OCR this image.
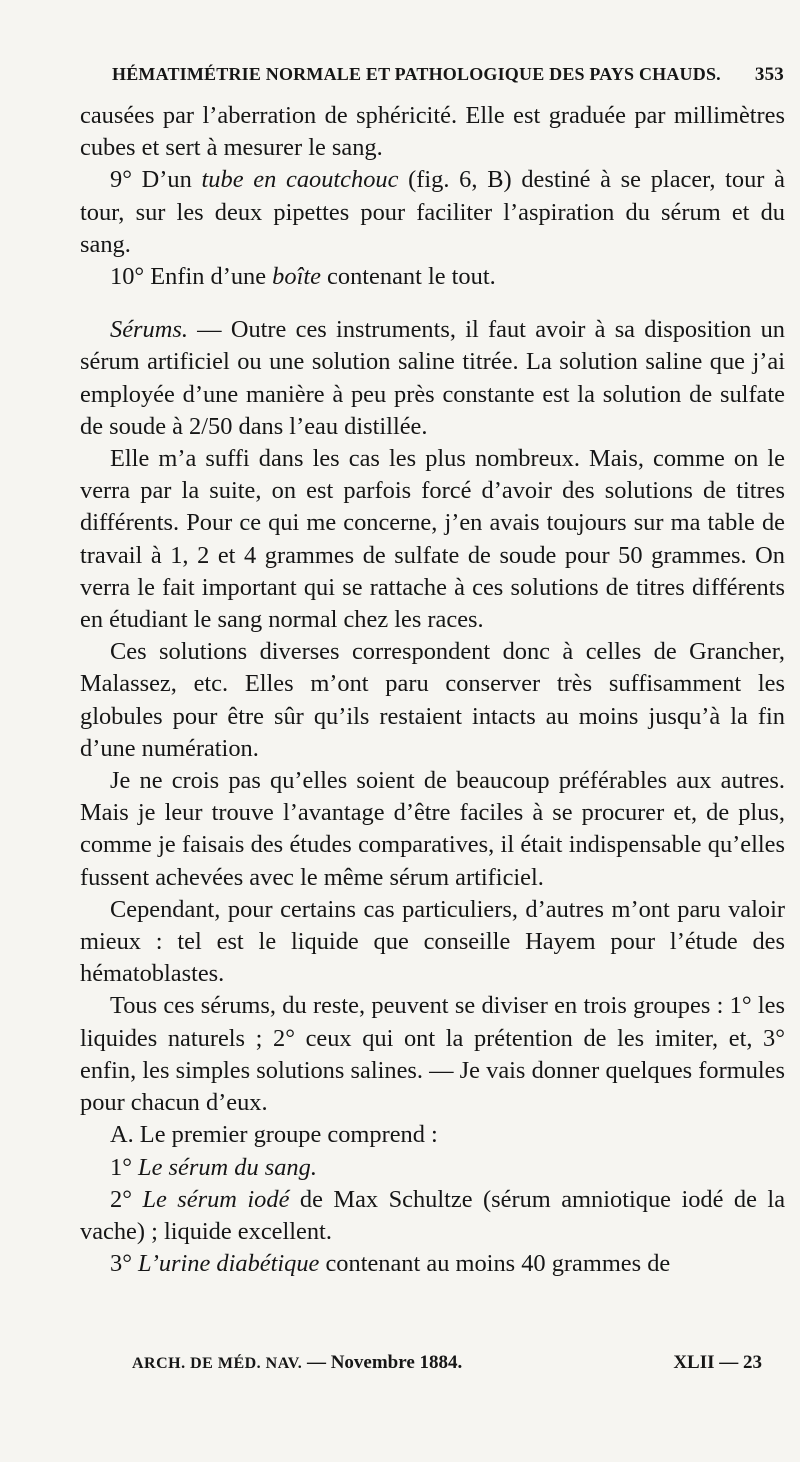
HÉMATIMÉTRIE NORMALE ET PATHOLOGIQUE DES PAYS CHAUDS. 353

causées par l’aberration de sphéricité. Elle est graduée par millimètres cubes et sert à mesurer le sang.

9° D’un tube en caoutchouc (fig. 6, B) destiné à se placer, tour à tour, sur les deux pipettes pour faciliter l’aspiration du sérum et du sang.

10° Enfin d’une boîte contenant le tout.

Sérums. — Outre ces instruments, il faut avoir à sa disposition un sérum artificiel ou une solution saline titrée. La solution saline que j’ai employée d’une manière à peu près constante est la solution de sulfate de soude à 2/50 dans l’eau distillée.

Elle m’a suffi dans les cas les plus nombreux. Mais, comme on le verra par la suite, on est parfois forcé d’avoir des solutions de titres différents. Pour ce qui me concerne, j’en avais toujours sur ma table de travail à 1, 2 et 4 grammes de sulfate de soude pour 50 grammes. On verra le fait important qui se rattache à ces solutions de titres différents en étudiant le sang normal chez les races.

Ces solutions diverses correspondent donc à celles de Grancher, Malassez, etc. Elles m’ont paru conserver très suffisamment les globules pour être sûr qu’ils restaient intacts au moins jusqu’à la fin d’une numération.

Je ne crois pas qu’elles soient de beaucoup préférables aux autres. Mais je leur trouve l’avantage d’être faciles à se procurer et, de plus, comme je faisais des études comparatives, il était indispensable qu’elles fussent achevées avec le même sérum artificiel.

Cependant, pour certains cas particuliers, d’autres m’ont paru valoir mieux : tel est le liquide que conseille Hayem pour l’étude des hématoblastes.

Tous ces sérums, du reste, peuvent se diviser en trois groupes : 1° les liquides naturels ; 2° ceux qui ont la prétention de les imiter, et, 3° enfin, les simples solutions salines. — Je vais donner quelques formules pour chacun d’eux.

A. Le premier groupe comprend :

1° Le sérum du sang.

2° Le sérum iodé de Max Schultze (sérum amniotique iodé de la vache) ; liquide excellent.

3° L’urine diabétique contenant au moins 40 grammes de

ARCH. DE MÉD. NAV. — Novembre 1884.	XLII — 23
